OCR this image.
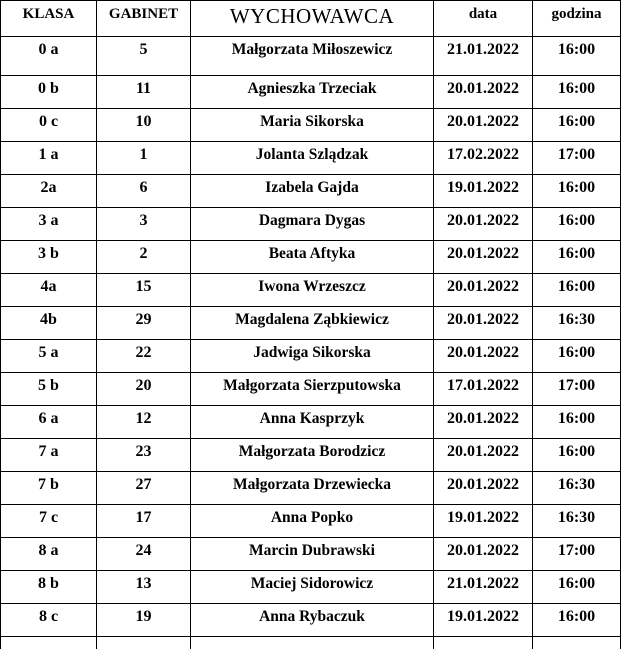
KLASA	GABINET	WYCHOWAWCA	data	godzina
0 a	5	Małgorzata Miłoszewicz	21.01.2022	16:00
0 b	11	Agnieszka Trzeciak	20.01.2022	16:00
0 c	10	Maria Sikorska	20.01.2022	16:00
1 a	1	Jolanta Szlądzak	17.02.2022	17:00
2a	6	Izabela Gajda	19.01.2022	16:00
3 a	3	Dagmara Dygas	20.01.2022	16:00
3 b	2	Beata Aftyka	20.01.2022	16:00
4a	15	Iwona Wrzeszcz	20.01.2022	16:00
4b	29	Magdalena Ząbkiewicz	20.01.2022	16:30
5 a	22	Jadwiga Sikorska	20.01.2022	16:00
5 b	20	Małgorzata Sierzputowska	17.01.2022	17:00
6 a	12	Anna Kasprzyk	20.01.2022	16:00
7 a	23	Małgorzata Borodzicz	20.01.2022	16:00
7 b	27	Małgorzata Drzewiecka	20.01.2022	16:30
7 c	17	Anna Popko	19.01.2022	16:30
8 a	24	Marcin Dubrawski	20.01.2022	17:00
8 b	13	Maciej Sidorowicz	21.01.2022	16:00
8 c	19	Anna Rybaczuk	19.01.2022	16:00
